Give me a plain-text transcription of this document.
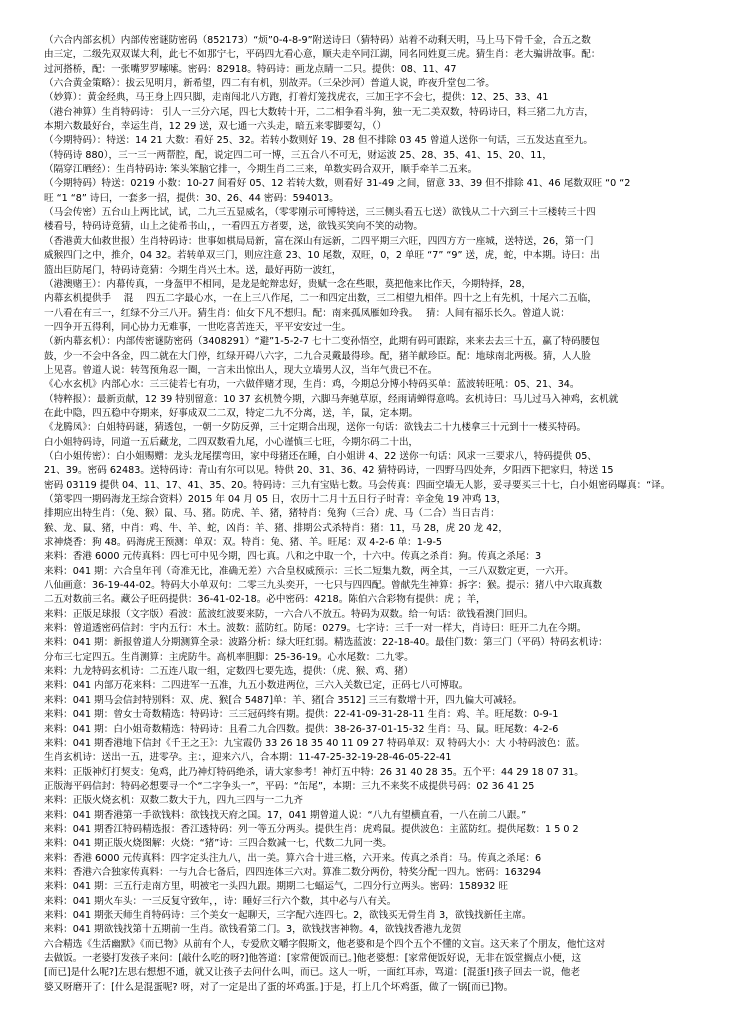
（六合内部玄机）内部传密谜防密码（852173）“烦”0-4-8-9”附送诗曰（猜特码）站着不动剩天明，马上马下骨千金，合五之数
由三定，二级先双双谋大利，此七不如那宁七，平码四尢看心意，顺夫走卒同江湖，同名同姓夏三虎。猜生肖：老大骗讲故事。配：
过河搭桥，配：一张嘴罗罗嗦嗦。密码：82918。特码诗：画龙点睛一二只。提供：08、11、47
（六合黄金策略）：拔云见明月，新希望，四二有有机，别故弄。（三朵沙河）普道人说，昨夜升堂包二爷。
（妙算）：黄金经典，马王身上四只脚，走南闯北八方跑，打着灯笼找虎衣，三加王字不会七，提供：12、25、33、41
（港台神算）生肖特码诗： 引人一三分六尾，四七大数转十开，二二相争看斗狗，独一无二美双数，特码诗曰，料三猪二九方吉，
本期六数最好台，幸运生肖，12 29 送，双七通一六头走，暗五来零脚要勾，（）
（今期特码）：特送：14 21 大数：看好 25、32。若转小数则好 19、28 但不排除 03 45 曾道人送你一句话，三五发达直至九。
（特码诗 880），三一三一两帮腔，配，说定四二可一博，三五合八不可无，财运波 25、28、35、41、15、20、11，
（隔穿江晒经）：生肖特码诗: 笨头笨脑它排一，今期生肖二三来，单数实码合双开，顺手牵羊二五来。
（今期特码）特送：0219 小数：10-27 间看好 05、12 若转大数，则看好 31-49 之间，留意 33、39 但不排除 41、46 尾数双旺 “0 “2
旺 “1 “8” 诗曰，一套多一招，提供：30、26、44 密码：594013。
（马会传密）五台山上两比试，试，二九三五显威名，（零零刚示可博特送，三三侧头看五七送）欲钱从二十六到三十三楼转三十四
楼看号，特码诗竟猜，山上之徒希书山，，一看四五方者要，送，欲钱买笑向不笑的动物。
（香港黄大仙救世报）生肖特码诗：世事如棋局局新，富在深山有远新，二四平期三六旺，四四方方一座城，送特送，26，第一门
威猴四门之中，推介，04 32。若转单双三门，则应注意 23、10 尾数，双旺，0，2 单旺 “7” “9” 送，虎，蛇，中本期。诗曰：出
篮出巨防尾门，特码诗竟猜：今期生肖兴土木。送，最好再防一波红，
（港澳赌王）：内幕传真，一身盔甲不相同，是龙是蛇辩忠好，贵赋一念在些眼，莫把他来比作天，今期特择，28，
内幕玄机提供手 　混　 四五二字最心水，一在上三八作尾，二一和四定出数，三二相望九相伴。四十之上有先机，十尾六二五临，
一八看在有三一，红绿不分三八开。猜生肖：仙女下凡不想归。配：南来孤凤雁如玲我。　 猜：人间有福乐长久。曾道人说：
一四争开五得利，同心协力无难事，一世吃喜苦连天，平平安安过一生。
（新内幕玄机）：内部传密谜防密码（3408291）“避”1-5-2-7 七十二变孙悟空，此期有码可跟踪，来来去去三十五，赢了特码腰包
鼓，少一不会中各金，四二就在大门停，红绿开碍八六字，二九合灵戴最得珍。配，猪羊献珍臣。配：地球南北两极。猜，人人脸
上见喜。曾道人说：转驾预角忍一圈，一言未出惊出人，现大立墙男人汉，当年气贵已不在。
《心水玄机》内部心水：三三徒若七有功，一六做伴赌才现，生肖：鸡，今期总分博小特码买单：蓝波转旺吼：05、21、34。
（特粹报）：最新贡献，12 39 特别留意：10 37 玄机赞今期，六脚马奔驰草原，经雨请蝉得意鸣。玄机诗曰：马儿过马入神鸡，玄机就
在此中隐，四五稳中夺期来，好事成双二二双，特定二九不分离，送，羊，鼠，定本期。
《龙腾凤》：白姐特码谜，猜透包，一朝一夕防反弹，三十定期合出现，送你一句话：欲钱去二十九楼拿三十元到十一楼买特码。
白小姐特码诗，同道一五后藏龙，二四双数看九尾，小心谨慎三七旺，今期尔码二十出，
（白小姐传密）：白小姐赐赠：龙头龙尾摆弯田，家中母猪还在睡，白小姐讲 4、22 送你一句话：风求一三要求八，特码提供 05、
21、39。密码 62483。送特码诗：青山有尔可以见。特供 20、31、36、42 猜特码诗，一四野马四处奔，夕阳西下把家归，特送 15
密码 03119 提供 04、11、17、41、35、20。特码诗：三九有宝贴七数。马会传真：四面空墙无人影，妥寻要买三十七，白小姐密码曝真：“译。
（第零四一期码海龙王综合资料）2015 年 04 月 05 日，农历十二月十五日行子时青：辛金兔 19 冲鸡 13，
排期应出特生肖：（兔、猴）鼠、马、猪。防虎、羊、猪，猪特肖：兔狗（三合）虎、马（二合）当日吉肖：
猴、龙、鼠、猪，中肖：鸡、牛、羊、蛇，凶肖：羊、猪、排期公式杀特肖：猪：11，马 28，虎 20 龙 42，
求神烧香：狗 48。码海虎王预测：单双：双。特肖：兔、猪、羊。旺尾：双 4-2-6 单：1-9-5
来料：香港 6000 元传真料：四七可中见今期，四七真。八和之中取一个，十六中。传真之杀肖：狗。传真之杀尾：3
来料：041 期：六合皇年刊（奇准无比，准确无差）六合皇权威预示：三长二短集九数，两全其，一三八双数定更，一六开。
八仙画意：36-19-44-02。特码大小单双句：二零三九头奕开，一七只与四四配。曾献先生神算：拆字：猴。提示：猪八中六取真数
二五对数前三名。藏公子旺码提供：36-41-02-18。必中密码：4218。陈伯六合彩物有提供：虎 ；羊，
来料：正版足球报（文字版）看波：蓝波红波要来防，一六合八不放五。特码为双数。给一句话：欲钱看澳门回归。
来料：曾道透密码信封：宇内五行：木土。波数：蓝防红。防尾：0279。七字诗：三千一对一样大，肖诗曰：旺开二九在今期。
来料：041 期：新报曾道人分期测算全录：波路分析：绿大旺红弱。精选蓝波：22-18-40。最佳门数：第三门（平码）特码玄机诗：
分布三七定四五。生肖测算：主虎防牛。高机率胆脚：25-36-19。心水尾数：二九零。
来料：九龙特码玄机诗：二五连八取一组，定数四七要先选，提供：（虎、猴、鸡、猪）
来料：041 内部万花来料：二四进军一五准，九五小数进两位，三六入关数已定，正码七八可博取。
来料：041 期马会信封特别料：双、虎、猴[合 5487]单：羊、猪[合 3512] 三三有数增十开，四九偏大可减轻。
来料：041 期：曾女士奇数精选：特码诗：三三冠码终有期。提供：22-41-09-31-28-11 生肖：鸡、羊。旺尾数：0-9-1
来料：041 期：白小姐奇数精选：特码诗：且看二九合四数。提供：38-26-37-01-15-32 生肖：马、鼠。旺尾数：4-2-6
来料：041 期香港地下信封《千王之王》：九宝霞仍 33 26 18 35 40 11 09 27 特码单双：双 特码大小：大 小特码波色：蓝。
生肖玄机诗：送出一五，进零孕。主：，迎来六八，合本期：11-47-25-32-19-28-46-05-22-41
来料：正版神灯打契支：兔鸡，此乃神灯特码绝杀，请大家参考！神灯五中特：26 31 40 28 35。五个平：44 29 18 07 31。
正版海平码信封：特码必想要寻一个“二字争头一”，平码：“缶尾”，本期：三九不来奖不成提供号码：02 36 41 25
来料：正版火烧玄机：双数二数大于九，四九三四与一二九齐
来料：041 期香港第一手欲钱料：欲钱找天府之国。17，041 期曾道人说：“八九有望横直看，一八在前二八跟。”
来料：041 期香江特码精选报：香江透特码：列一等五分两头。提供生肖：虎鸡鼠。提供波色：主蓝防红。提供尾数：1 5 0 2
来料：041 期正版火烧图解：火烧：“猪”诗：三四合数减一七，代数二九同一类。
来料：香港 6000 元传真料：四字定头注九八，出一美。算六合十进三格，六开来。传真之杀肖：马。传真之杀尾：6
来料：香港六合独家传真料：一与九合七备后，四四连体三六对。算准二数分两份，特奖分配一四九。密码：163294
来料：041 期：三五行走南方里，明被宅一头四九跟。期期二七蝠运气，二四分行立两头。密码：158932 旺
来料：041 期火车头：一三反复守致年，，诗：睡好三行六个数，其中必与八有关。
来料：041 期张天师生肖特码诗：三个美女一起聊天，三字配六连四七。2，欲钱买无骨生肖 3，欲钱找新任主席。
来料：041 期欲钱找第十五期前一生肖。欲钱看第二门。3，欲钱找害神物。4，欲钱找香港九龙贺
六合精选《生活幽默》《而已物》从前有个人，专爱欣文嚼字假斯文，他老婆和是个四个五个不懂的文盲。这天来了个朋友，他忙这对
去做饭。一老婆打发孩子来问：[敲什么吃的呀?]他答道：[家常便饭而已。]他老婆想：[家常便饭好说，无非在饭堂搁点小便，这
[而已]是什么呢?]左思右想想不通，就又让孩子去问什么叫，而已。这人一听，一面红耳赤，骂道：[混蛋!]孩子回去一说，他老
婆又呀磨开了：[什么是混蛋呢? 呀，对了一定是出了蛋的坏鸡蛋。]于是，打上几个坏鸡蛋，做了一锅[而已]物。
